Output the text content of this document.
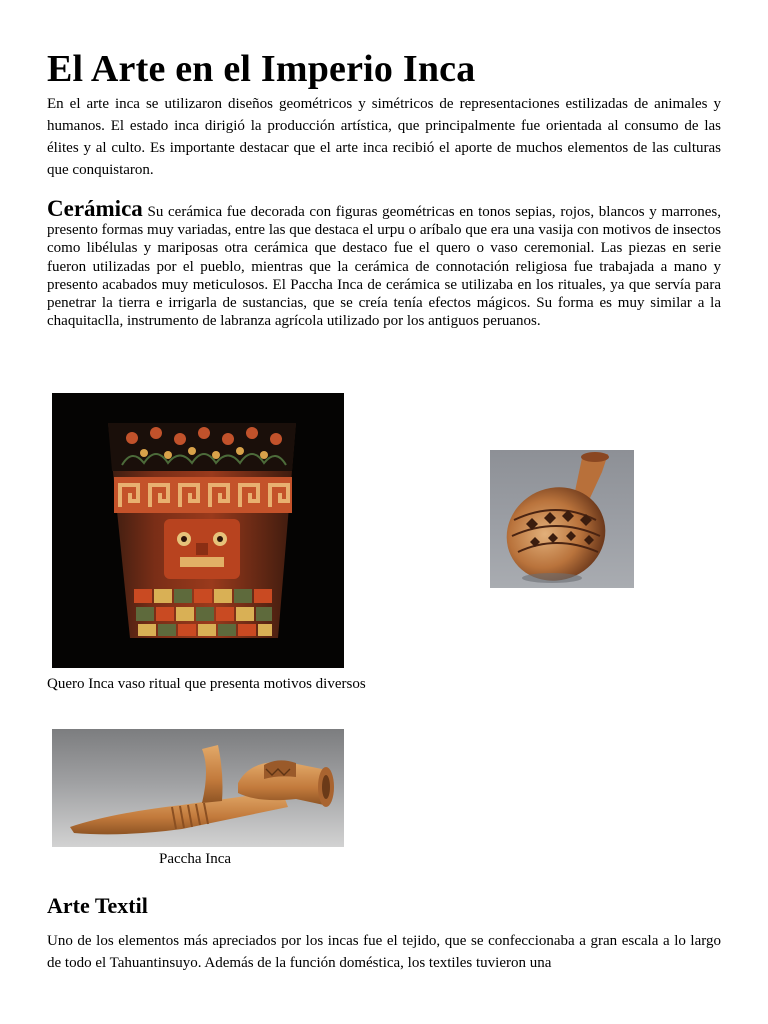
El Arte en el Imperio Inca

En el arte inca se utilizaron diseños geométricos y simétricos de representaciones estilizadas de animales y humanos. El estado inca dirigió la producción artística, que principalmente fue orientada al consumo de las élites y al culto. Es importante destacar que el arte inca recibió el aporte de muchos elementos de las culturas que conquistaron.

Cerámica Su cerámica fue decorada con figuras geométricas en tonos sepias, rojos, blancos y marrones, presento formas muy variadas, entre las que destaca el urpu o aríbalo que era una vasija con motivos de insectos como libélulas y mariposas otra cerámica que destaco fue el quero o vaso ceremonial. Las piezas en serie fueron utilizadas por el pueblo, mientras que la cerámica de connotación religiosa fue trabajada a mano y presento acabados muy meticulosos. El Paccha Inca de cerámica se utilizaba en los rituales, ya que servía para penetrar la tierra e irrigarla de sustancias, que se creía tenía efectos mágicos. Su forma es muy similar a la chaquitaclla, instrumento de labranza agrícola utilizado por los antiguos peruanos.

Quero Inca vaso ritual que presenta motivos diversos

Paccha Inca

Arte Textil

Uno de los elementos más apreciados por los incas fue el tejido, que se confeccionaba a gran escala a lo largo de todo el Tahuantinsuyo. Además de la función doméstica, los textiles tuvieron una
